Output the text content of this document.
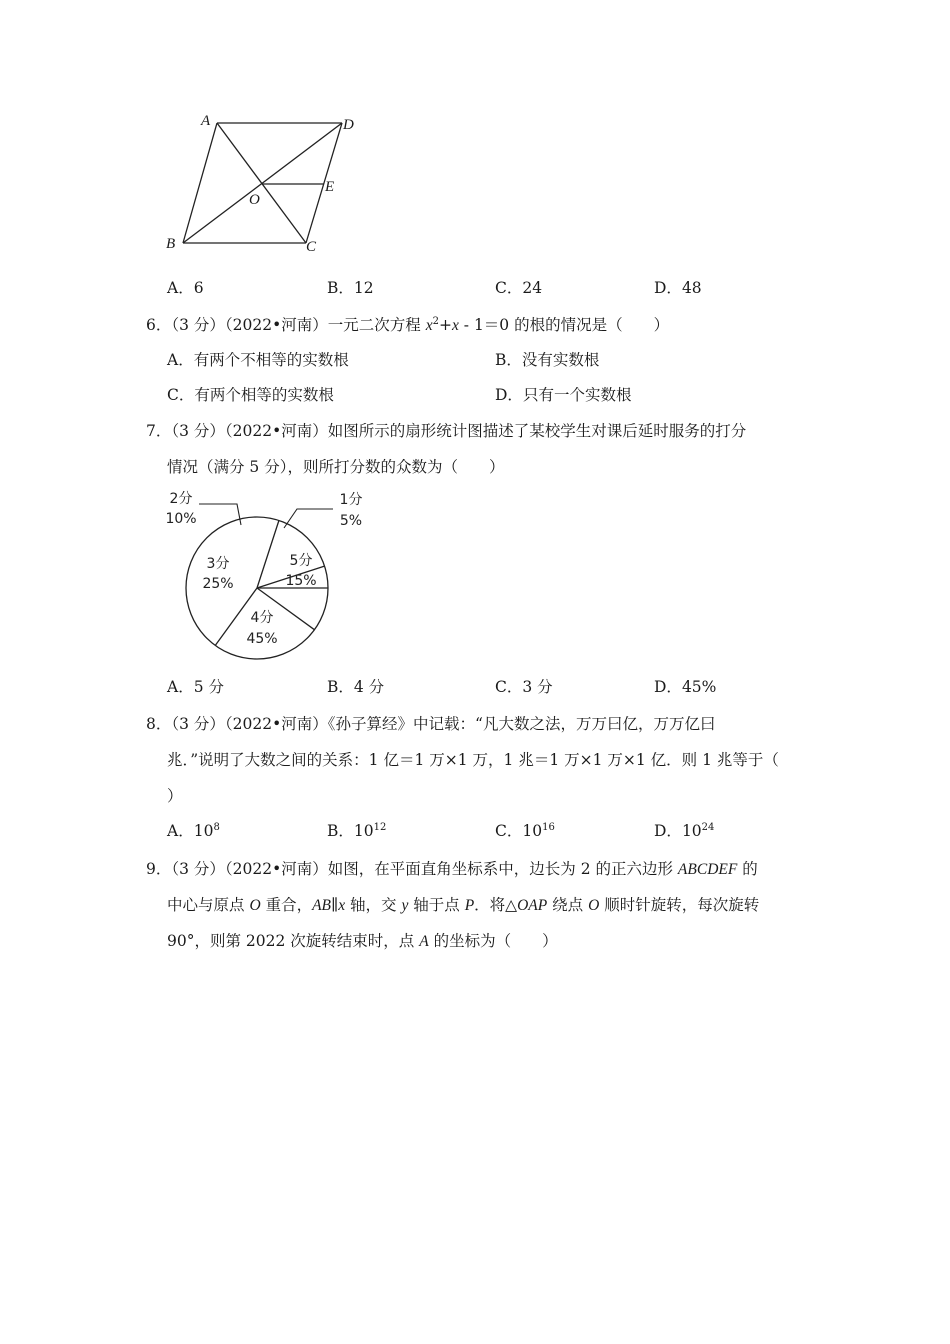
A	D
E
O
B	C
A．6	B．12	C．24	D．48
6．（3 分）（2022•河南）一元二次方程 $x^2+x - 1=0$ 的根的情况是（　　）
A．有两个不相等的实数根	B．没有实数根
C．有两个相等的实数根	D．只有一个实数根
7．（3 分）（2022•河南）如图所示的扇形统计图描述了某校学生对课后延时服务的打分
情况（满分 5 分），则所打分数的众数为（　　）
1分
5%
5分
15%
4分
45%
3分
25%
2分
10%
A．5 分	B．4 分	C．3 分	D．45%
8．（3 分）（2022•河南）《孙子算经》中记载：“凡大数之法，万万曰亿，万万亿曰
兆．”说明了大数之间的关系：1 亿＝1 万×1 万，1 兆＝1 万×1 万×1 亿．则 1 兆等于（
）
A．$10^8$	B．$10^{12}$	C．$10^{16}$	D．$10^{24}$
9．（3 分）（2022•河南）如图，在平面直角坐标系中，边长为 2 的正六边形 ABCDEF 的
中心与原点 O 重合，AB∥x 轴，交 y 轴于点 P．将△OAP 绕点 O 顺时针旋转，每次旋转
90°，则第 2022 次旋转结束时，点 A 的坐标为（　　）
